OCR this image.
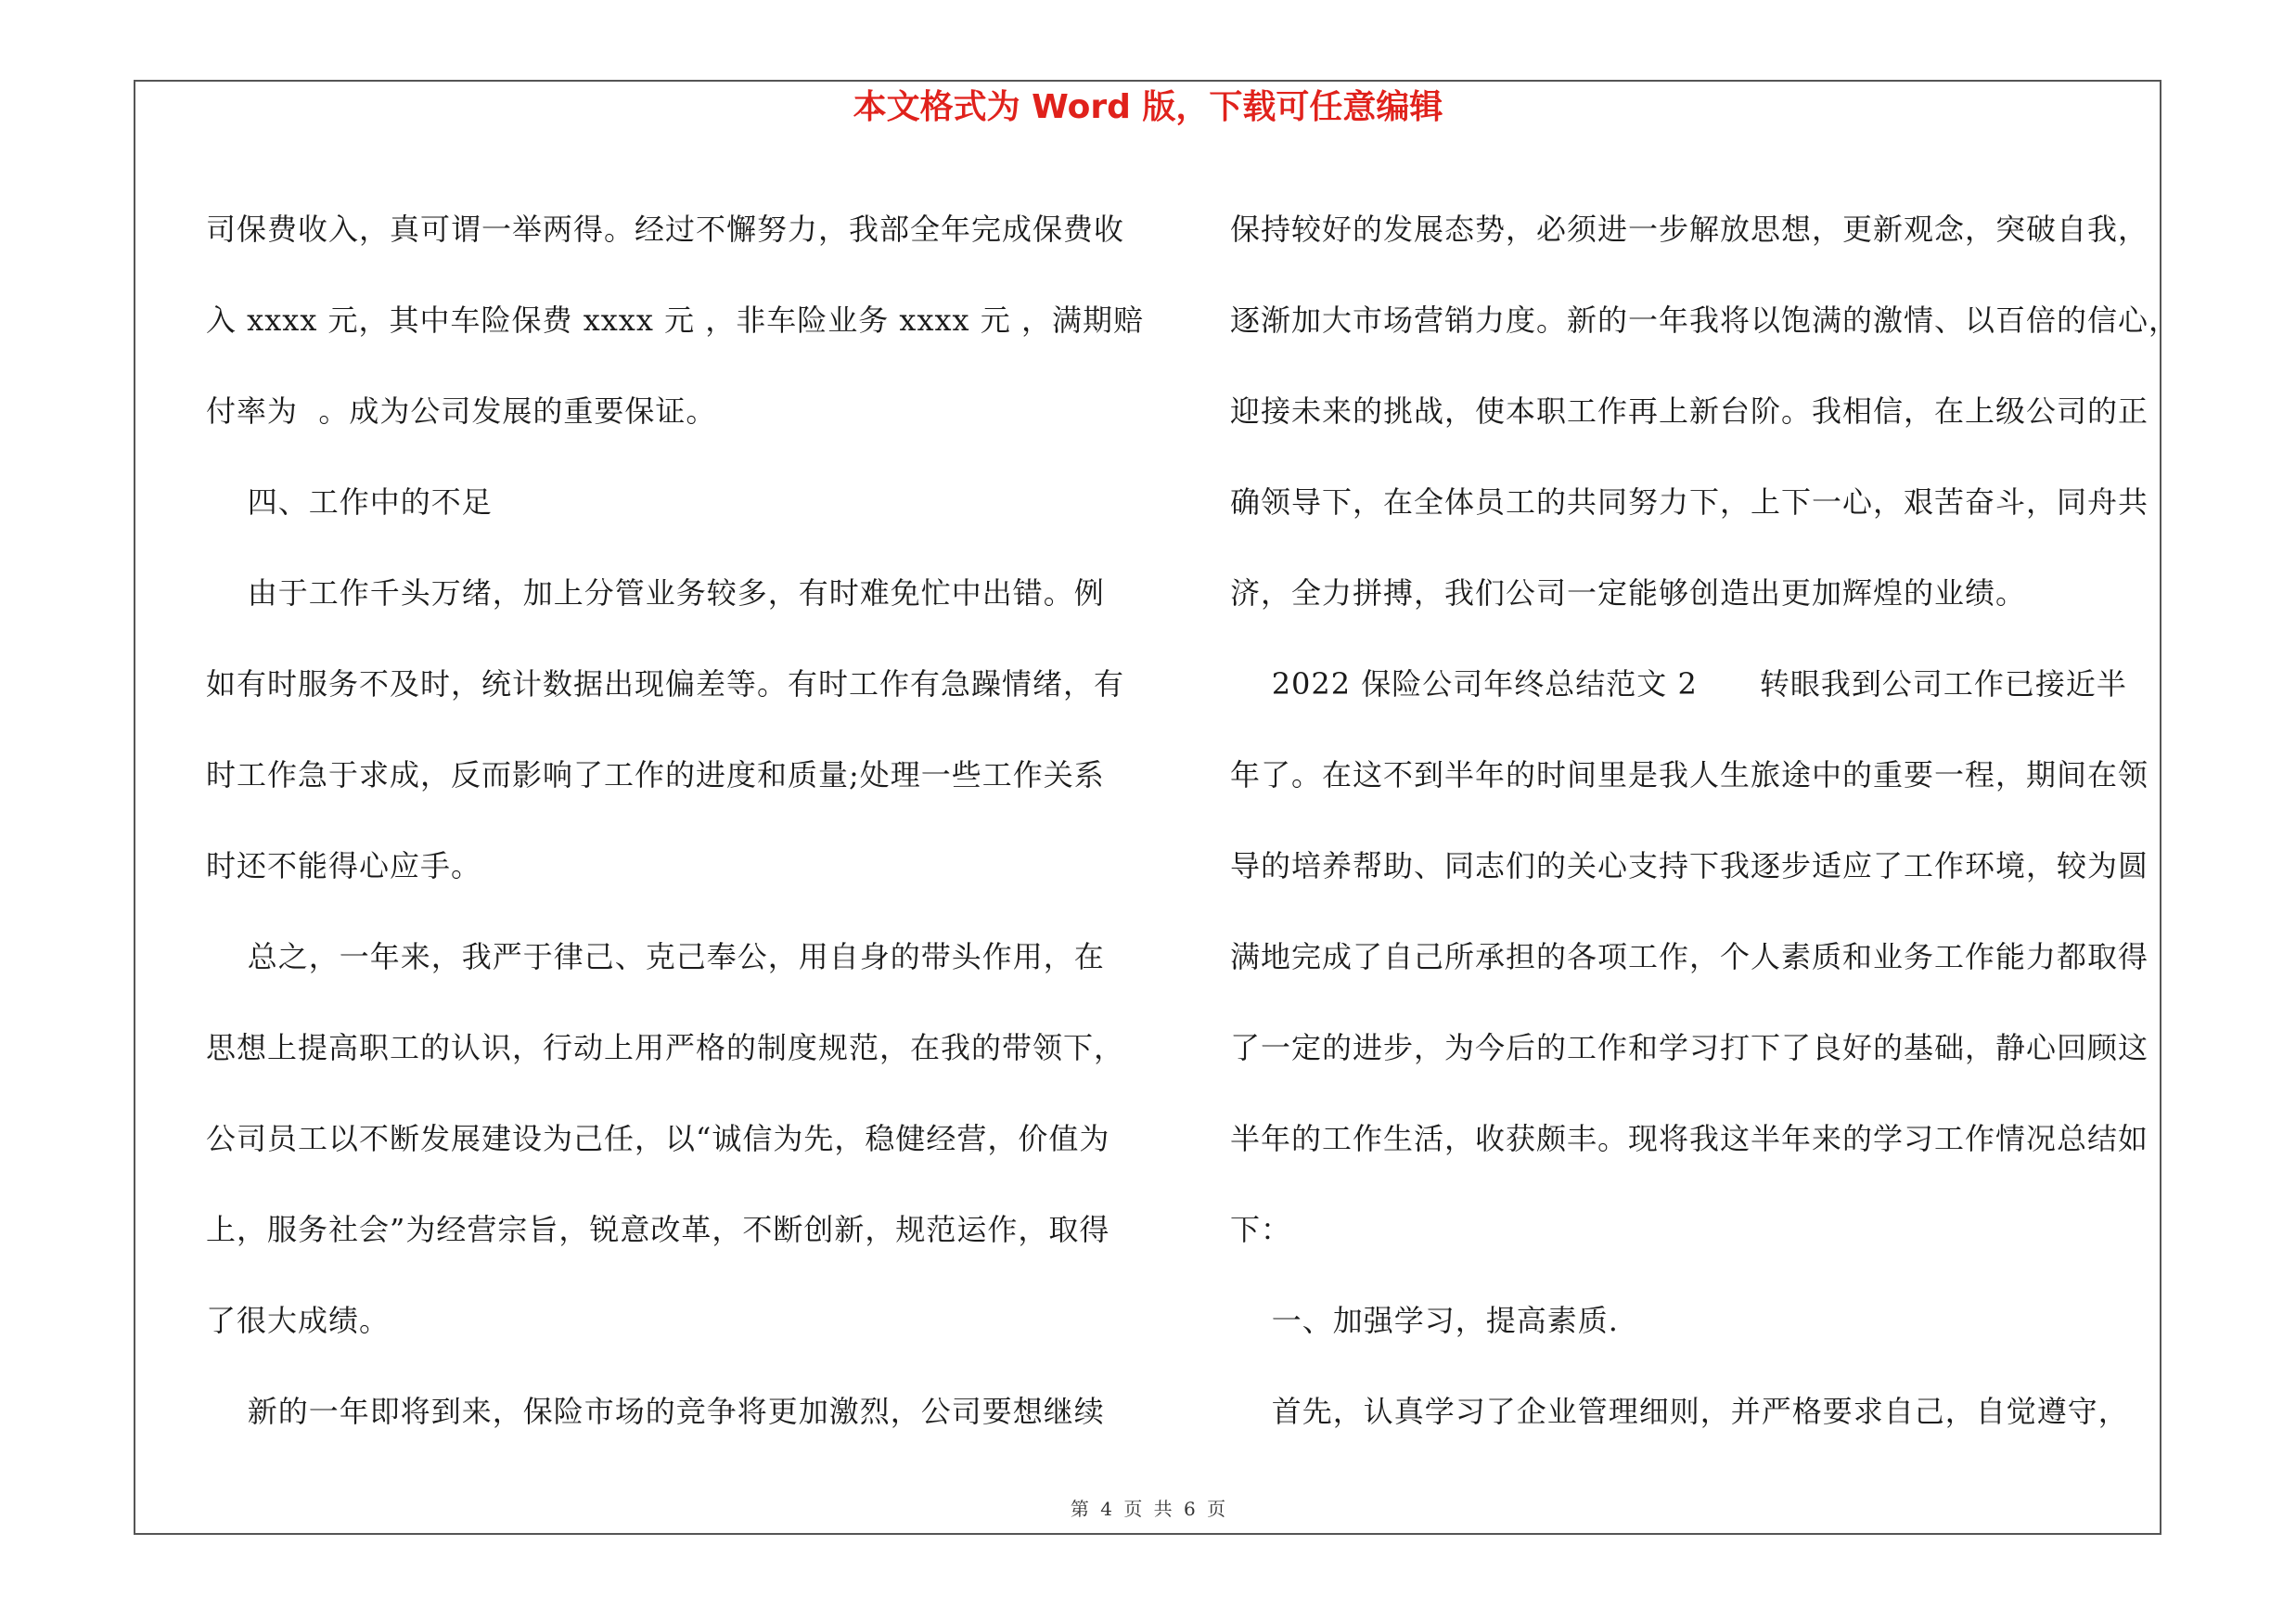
本文格式为 Word 版，下载可任意编辑

司保费收入，真可谓一举两得。经过不懈努力，我部全年完成保费收

入 xxxx 元，其中车险保费 xxxx 元 ，非车险业务 xxxx 元 ，满期赔

付率为  。成为公司发展的重要保证。

四、工作中的不足

由于工作千头万绪，加上分管业务较多，有时难免忙中出错。例

如有时服务不及时，统计数据出现偏差等。有时工作有急躁情绪，有

时工作急于求成，反而影响了工作的进度和质量;处理一些工作关系

时还不能得心应手。

总之，一年来，我严于律己、克己奉公，用自身的带头作用，在

思想上提高职工的认识，行动上用严格的制度规范，在我的带领下，

公司员工以不断发展建设为己任，以“诚信为先，稳健经营，价值为

上，服务社会”为经营宗旨，锐意改革，不断创新，规范运作，取得

了很大成绩。

新的一年即将到来，保险市场的竞争将更加激烈，公司要想继续

保持较好的发展态势，必须进一步解放思想，更新观念，突破自我，

逐渐加大市场营销力度。新的一年我将以饱满的激情、以百倍的信心，

迎接未来的挑战，使本职工作再上新台阶。我相信，在上级公司的正

确领导下，在全体员工的共同努力下，上下一心，艰苦奋斗，同舟共

济，全力拼搏，我们公司一定能够创造出更加辉煌的业绩。

2022 保险公司年终总结范文 2      转眼我到公司工作已接近半

年了。在这不到半年的时间里是我人生旅途中的重要一程，期间在领

导的培养帮助、同志们的关心支持下我逐步适应了工作环境，较为圆

满地完成了自己所承担的各项工作，个人素质和业务工作能力都取得

了一定的进步，为今后的工作和学习打下了良好的基础，静心回顾这

半年的工作生活，收获颇丰。现将我这半年来的学习工作情况总结如

下：

一、加强学习，提高素质.

首先，认真学习了企业管理细则，并严格要求自己，自觉遵守，

第 4 页 共 6 页
